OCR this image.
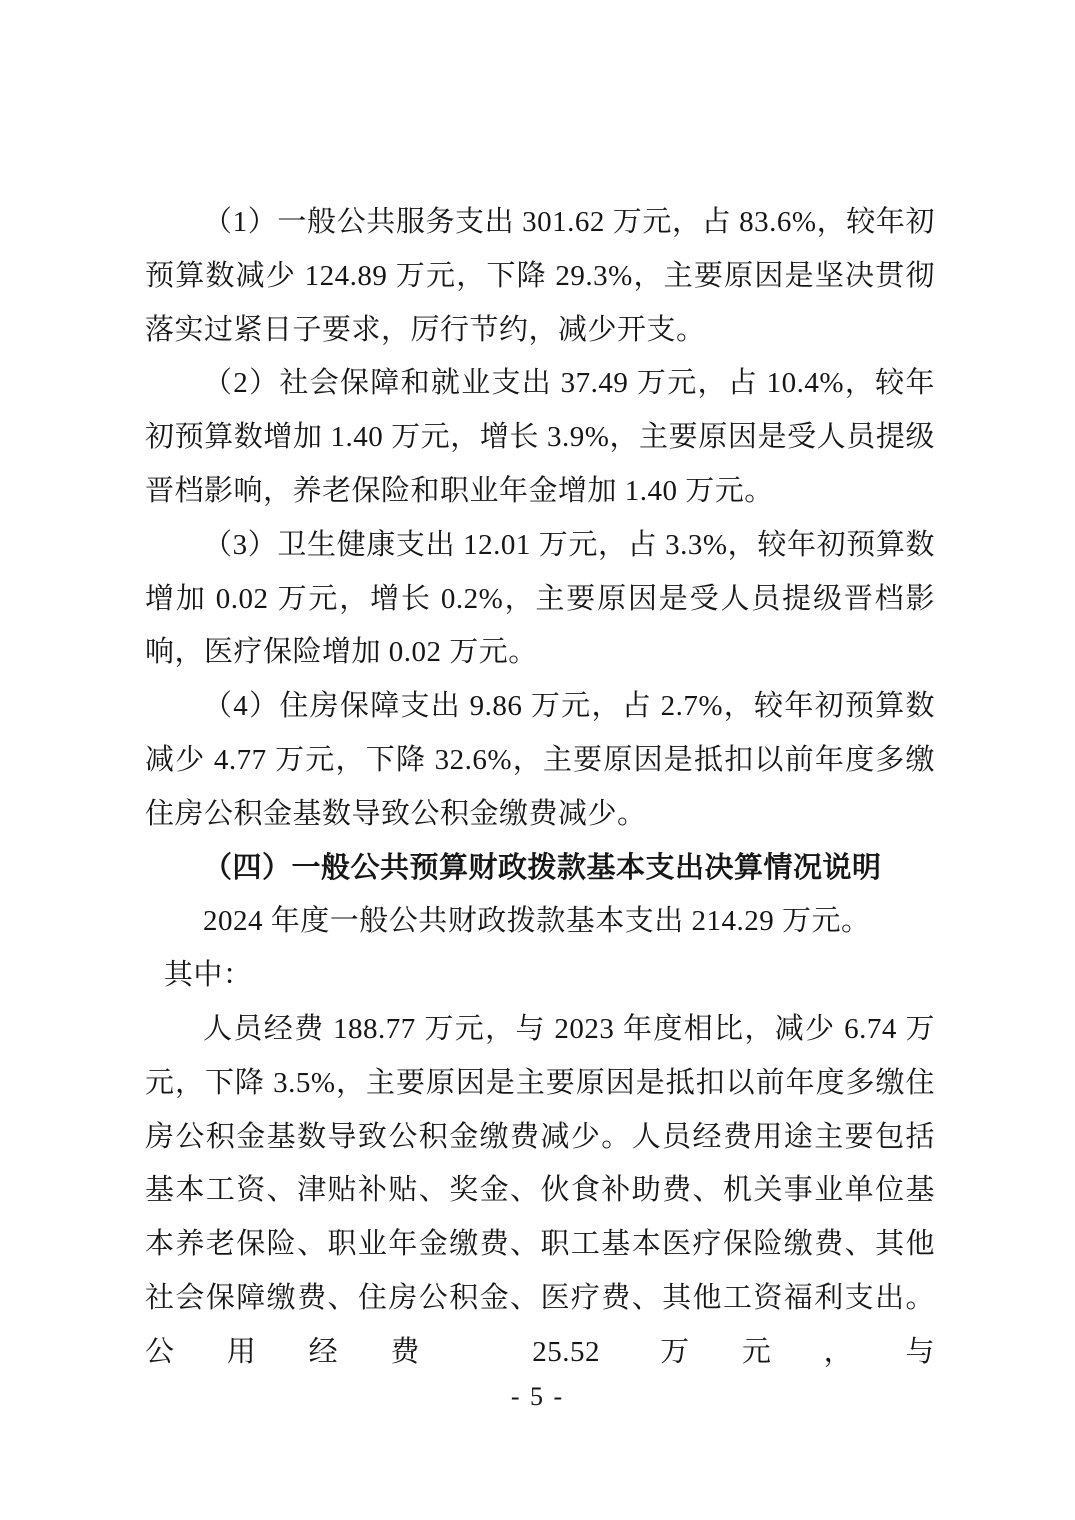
（1）一般公共服务支出 301.62 万元，占 83.6%，较年初预算数减少 124.89 万元，下降 29.3%，主要原因是坚决贯彻落实过紧日子要求，厉行节约，减少开支。

（2）社会保障和就业支出 37.49 万元，占 10.4%，较年初预算数增加 1.40 万元，增长 3.9%，主要原因是受人员提级晋档影响，养老保险和职业年金增加 1.40 万元。

（3）卫生健康支出 12.01 万元，占 3.3%，较年初预算数增加 0.02 万元，增长 0.2%，主要原因是受人员提级晋档影响，医疗保险增加 0.02 万元。

（4）住房保障支出 9.86 万元，占 2.7%，较年初预算数减少 4.77 万元，下降 32.6%，主要原因是抵扣以前年度多缴住房公积金基数导致公积金缴费减少。

（四）一般公共预算财政拨款基本支出决算情况说明

2024 年度一般公共财政拨款基本支出 214.29 万元。

其中：

人员经费 188.77 万元，与 2023 年度相比，减少 6.74 万元，下降 3.5%，主要原因是主要原因是抵扣以前年度多缴住房公积金基数导致公积金缴费减少。人员经费用途主要包括基本工资、津贴补贴、奖金、伙食补助费、机关事业单位基本养老保险、职业年金缴费、职工基本医疗保险缴费、其他社会保障缴费、住房公积金、医疗费、其他工资福利支出。公用经费 25.52 万元，与

- 5 -
